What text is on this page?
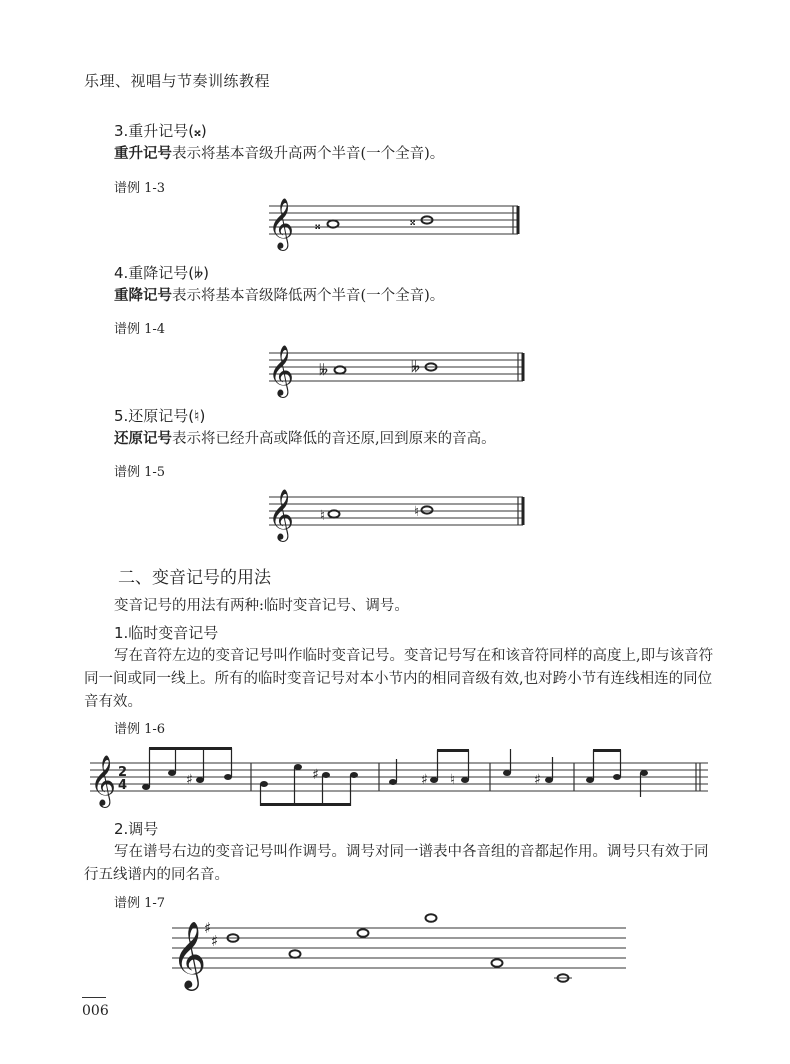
乐理、视唱与节奏训练教程
3.重升记号(𝄪)
重升记号表示将基本音级升高两个半音(一个全音)。
谱例 1-3
𝄞 𝄪	𝄪
4.重降记号(𝄫)
重降记号表示将基本音级降低两个半音(一个全音)。
谱例 1-4
𝄞 𝄫	𝄫
5.还原记号(♮)
还原记号表示将已经升高或降低的音还原,回到原来的音高。
谱例 1-5
𝄞 ♮	♮
二、变音记号的用法
变音记号的用法有两种:临时变音记号、调号。
1.临时变音记号
写在音符左边的变音记号叫作临时变音记号。变音记号写在和该音符同样的高度上,即与该音符
同一间或同一线上。所有的临时变音记号对本小节内的相同音级有效,也对跨小节有连线相连的同位
音有效。
谱例 1-6
𝄞 2
4	♯	♯	♯ ♮	♯
2.调号
写在谱号右边的变音记号叫作调号。调号对同一谱表中各音组的音都起作用。调号只有效于同
行五线谱内的同名音。
谱例 1-7
𝄞
♯
♯
006
